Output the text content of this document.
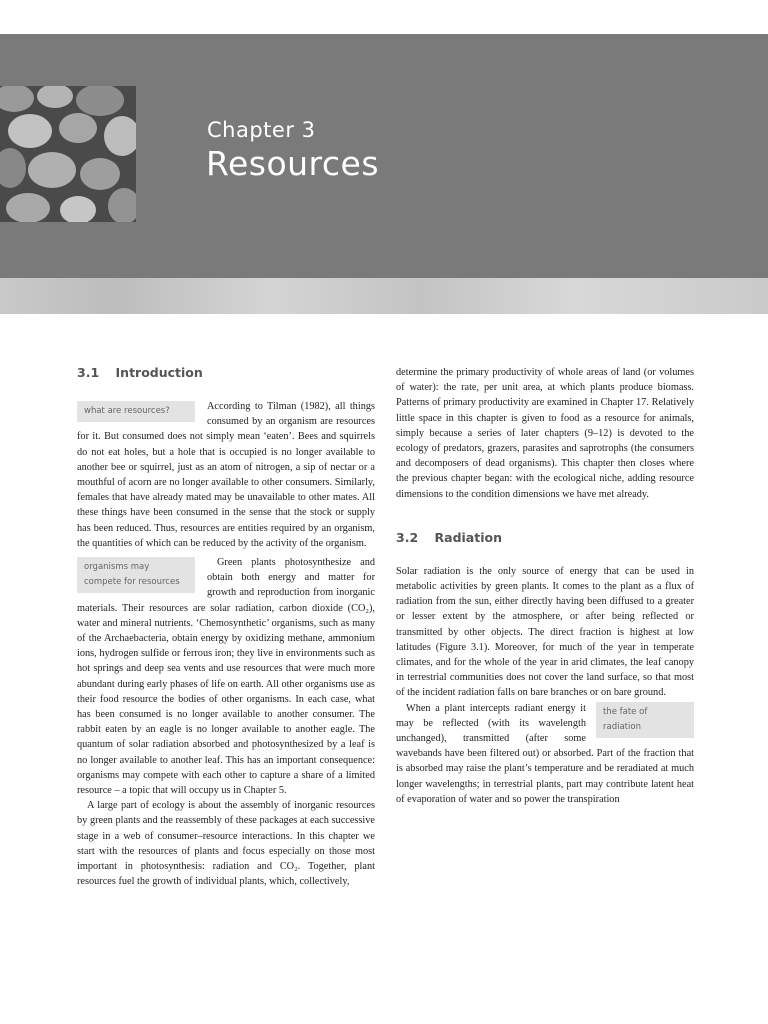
Chapter 3
Resources
3.1 Introduction
what are resources?	According to Tilman (1982), all things consumed by an organism are resources for it. But consumed does not simply mean ‘eaten’. Bees and squirrels do not eat holes, but a hole that is occupied is no longer available to another bee or squirrel, just as an atom of nitrogen, a sip of nectar or a mouthful of acorn are no longer available to other consumers. Similarly, females that have already mated may be unavailable to other mates. All these things have been consumed in the sense that the stock or supply has been reduced. Thus, resources are entities required by an organism, the quantities of which can be reduced by the activity of the organism.

organisms may compete for resources

Green plants photosynthesize and obtain both energy and matter for growth and reproduction from inorganic materials. Their resources are solar radiation, carbon dioxide (CO₂), water and mineral nutrients. ‘Chemosynthetic’ organisms, such as many of the Archaebacteria, obtain energy by oxidizing methane, ammonium ions, hydrogen sulfide or ferrous iron; they live in environments such as hot springs and deep sea vents and use resources that were much more abundant during early phases of life on earth. All other organisms use as their food resource the bodies of other organisms. In each case, what has been consumed is no longer available to another consumer. The rabbit eaten by an eagle is no longer available to another eagle. The quantum of solar radiation absorbed and photosynthesized by a leaf is no longer available to another leaf. This has an important consequence: organisms may compete with each other to capture a share of a limited resource – a topic that will occupy us in Chapter 5.

A large part of ecology is about the assembly of inorganic resources by green plants and the reassembly of these packages at each successive stage in a web of consumer–resource interactions. In this chapter we start with the resources of plants and focus especially on those most important in photosynthesis: radiation and CO₂. Together, plant resources fuel the growth of individual plants, which, collectively,

determine the primary productivity of whole areas of land (or volumes of water): the rate, per unit area, at which plants produce biomass. Patterns of primary productivity are examined in Chapter 17. Relatively little space in this chapter is given to food as a resource for animals, simply because a series of later chapters (9–12) is devoted to the ecology of predators, grazers, parasites and saprotrophs (the consumers and decomposers of dead organisms). This chapter then closes where the previous chapter began: with the ecological niche, adding resource dimensions to the condition dimensions we have met already.

3.2 Radiation

Solar radiation is the only source of energy that can be used in metabolic activities by green plants. It comes to the plant as a flux of radiation from the sun, either directly having been diffused to a greater or lesser extent by the atmosphere, or after being reflected or transmitted by other objects. The direct fraction is highest at low latitudes (Figure 3.1). Moreover, for much of the year in temperate climates, and for the whole of the year in arid climates, the leaf canopy in terrestrial communities does not cover the land surface, so that most of the incident radiation falls on bare branches or on bare ground.

the fate of radiation

When a plant intercepts radiant energy it may be reflected (with its wavelength unchanged), transmitted (after some wavebands have been filtered out) or absorbed. Part of the fraction that is absorbed may raise the plant’s temperature and be reradiated at much longer wavelengths; in terrestrial plants, part may contribute latent heat of evaporation of water and so power the transpiration
